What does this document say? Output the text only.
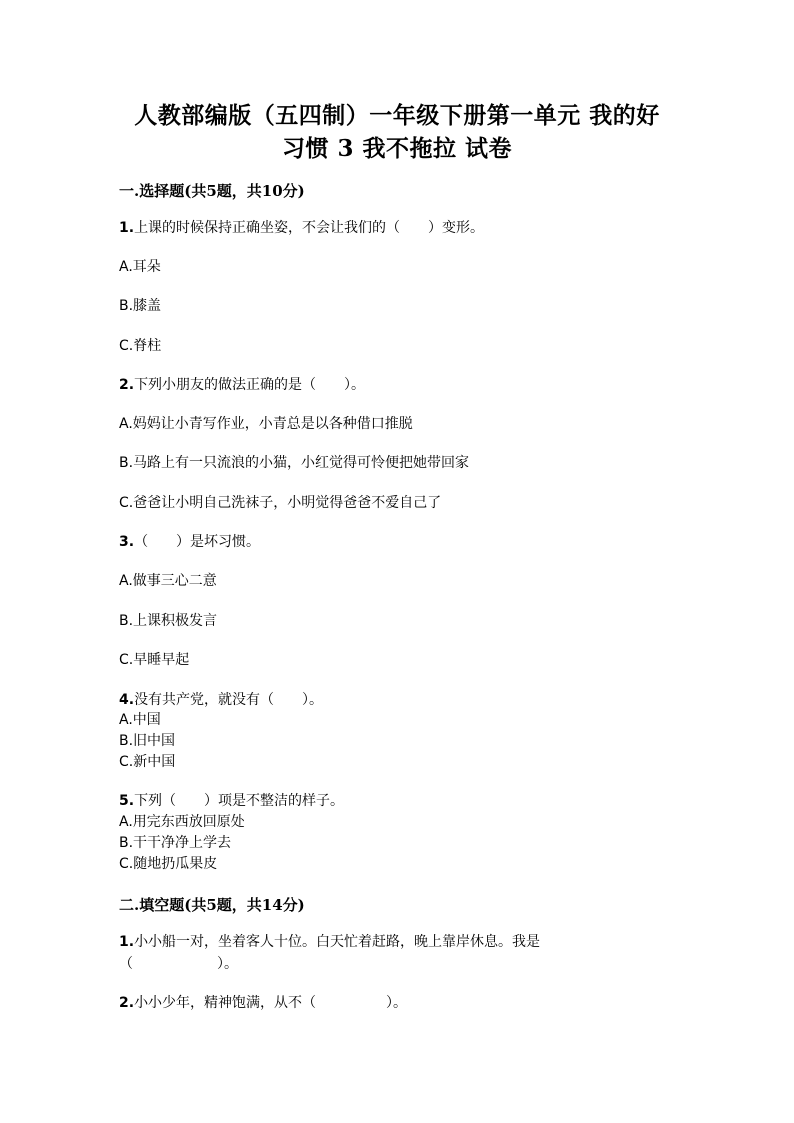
人教部编版（五四制）一年级下册第一单元 我的好
习惯 3 我不拖拉 试卷
一.选择题(共5题，共10分)
1.上课的时候保持正确坐姿，不会让我们的（　　）变形。
A.耳朵
B.膝盖
C.脊柱
2.下列小朋友的做法正确的是（　　）。
A.妈妈让小青写作业，小青总是以各种借口推脱
B.马路上有一只流浪的小猫，小红觉得可怜便把她带回家
C.爸爸让小明自己洗袜子，小明觉得爸爸不爱自己了
3.（　　）是坏习惯。
A.做事三心二意
B.上课积极发言
C.早睡早起
4.没有共产党，就没有（　　）。
A.中国
B.旧中国
C.新中国
5.下列（　　）项是不整洁的样子。
A.用完东西放回原处
B.干干净净上学去
C.随地扔瓜果皮
二.填空题(共5题，共14分)
1.小小船一对，坐着客人十位。白天忙着赶路，晚上靠岸休息。我是
（　　　　　　）。
2.小小少年，精神饱满，从不（　　　　　）。
